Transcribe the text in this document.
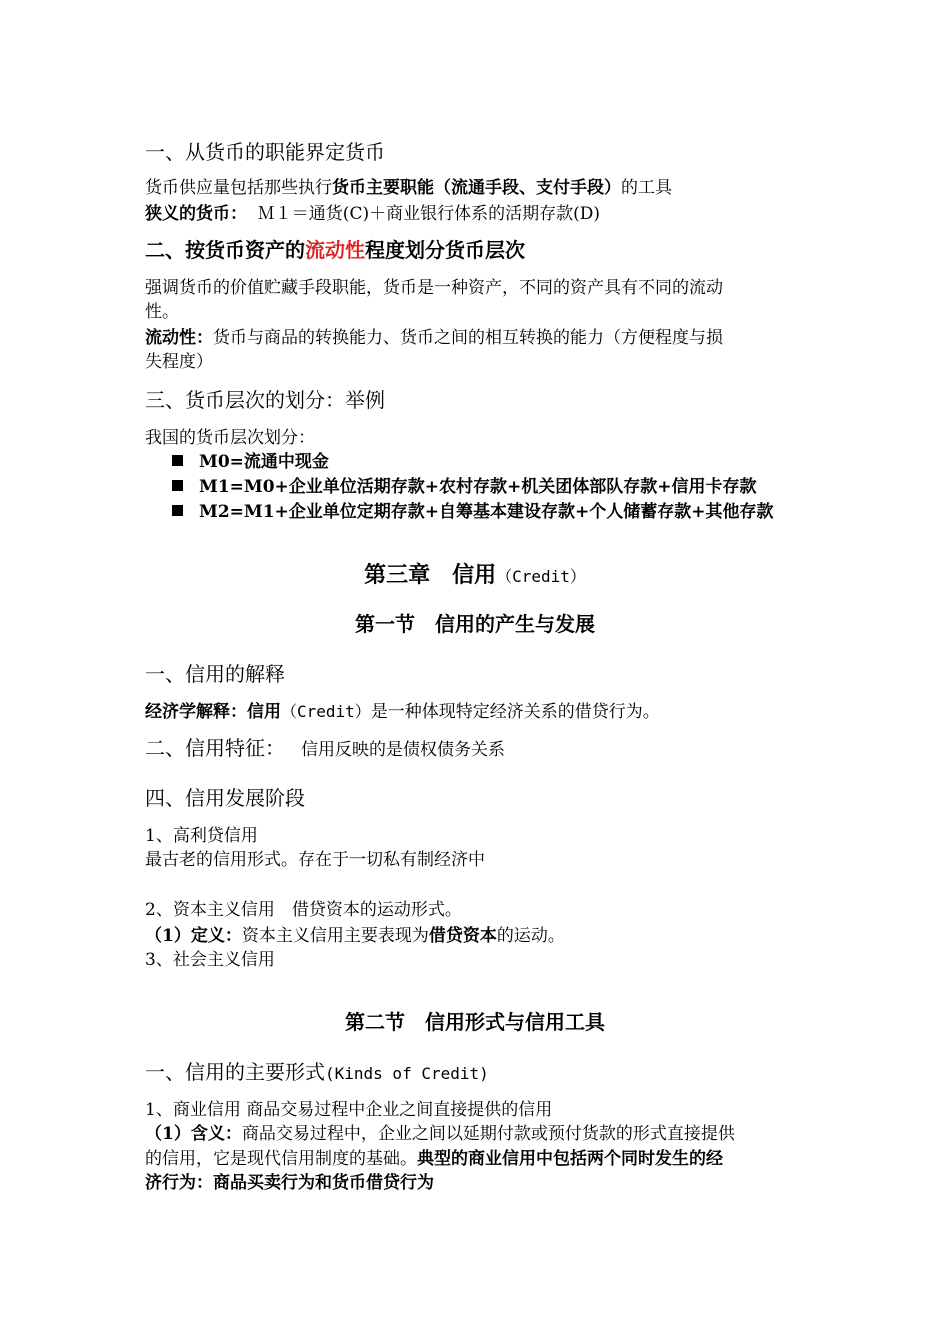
一、从货币的职能界定货币
货币供应量包括那些执行货币主要职能（流通手段、支付手段）的工具
狭义的货币：  Ｍ１＝通货(C)＋商业银行体系的活期存款(D)
二、按货币资产的流动性程度划分货币层次
强调货币的价值贮藏手段职能，货币是一种资产，不同的资产具有不同的流动
性。
流动性：货币与商品的转换能力、货币之间的相互转换的能力（方便程度与损
失程度）
三、货币层次的划分：举例
我国的货币层次划分：
M0=流通中现金
M1=M0+企业单位活期存款+农村存款+机关团体部队存款+信用卡存款
M2=M1+企业单位定期存款+自筹基本建设存款+个人储蓄存款+其他存款
第三章　信用（Credit）
第一节　信用的产生与发展
一、信用的解释
经济学解释：信用（Credit）是一种体现特定经济关系的借贷行为。
二、信用特征： 信用反映的是债权债务关系
四、信用发展阶段
1、高利贷信用
最古老的信用形式。存在于一切私有制经济中
2、资本主义信用　借贷资本的运动形式。
（1）定义：资本主义信用主要表现为借贷资本的运动。
3、社会主义信用
第二节　信用形式与信用工具
一、信用的主要形式(Kinds of Credit)
1、商业信用 商品交易过程中企业之间直接提供的信用
（1）含义：商品交易过程中，企业之间以延期付款或预付货款的形式直接提供
的信用，它是现代信用制度的基础。典型的商业信用中包括两个同时发生的经
济行为：商品买卖行为和货币借贷行为
